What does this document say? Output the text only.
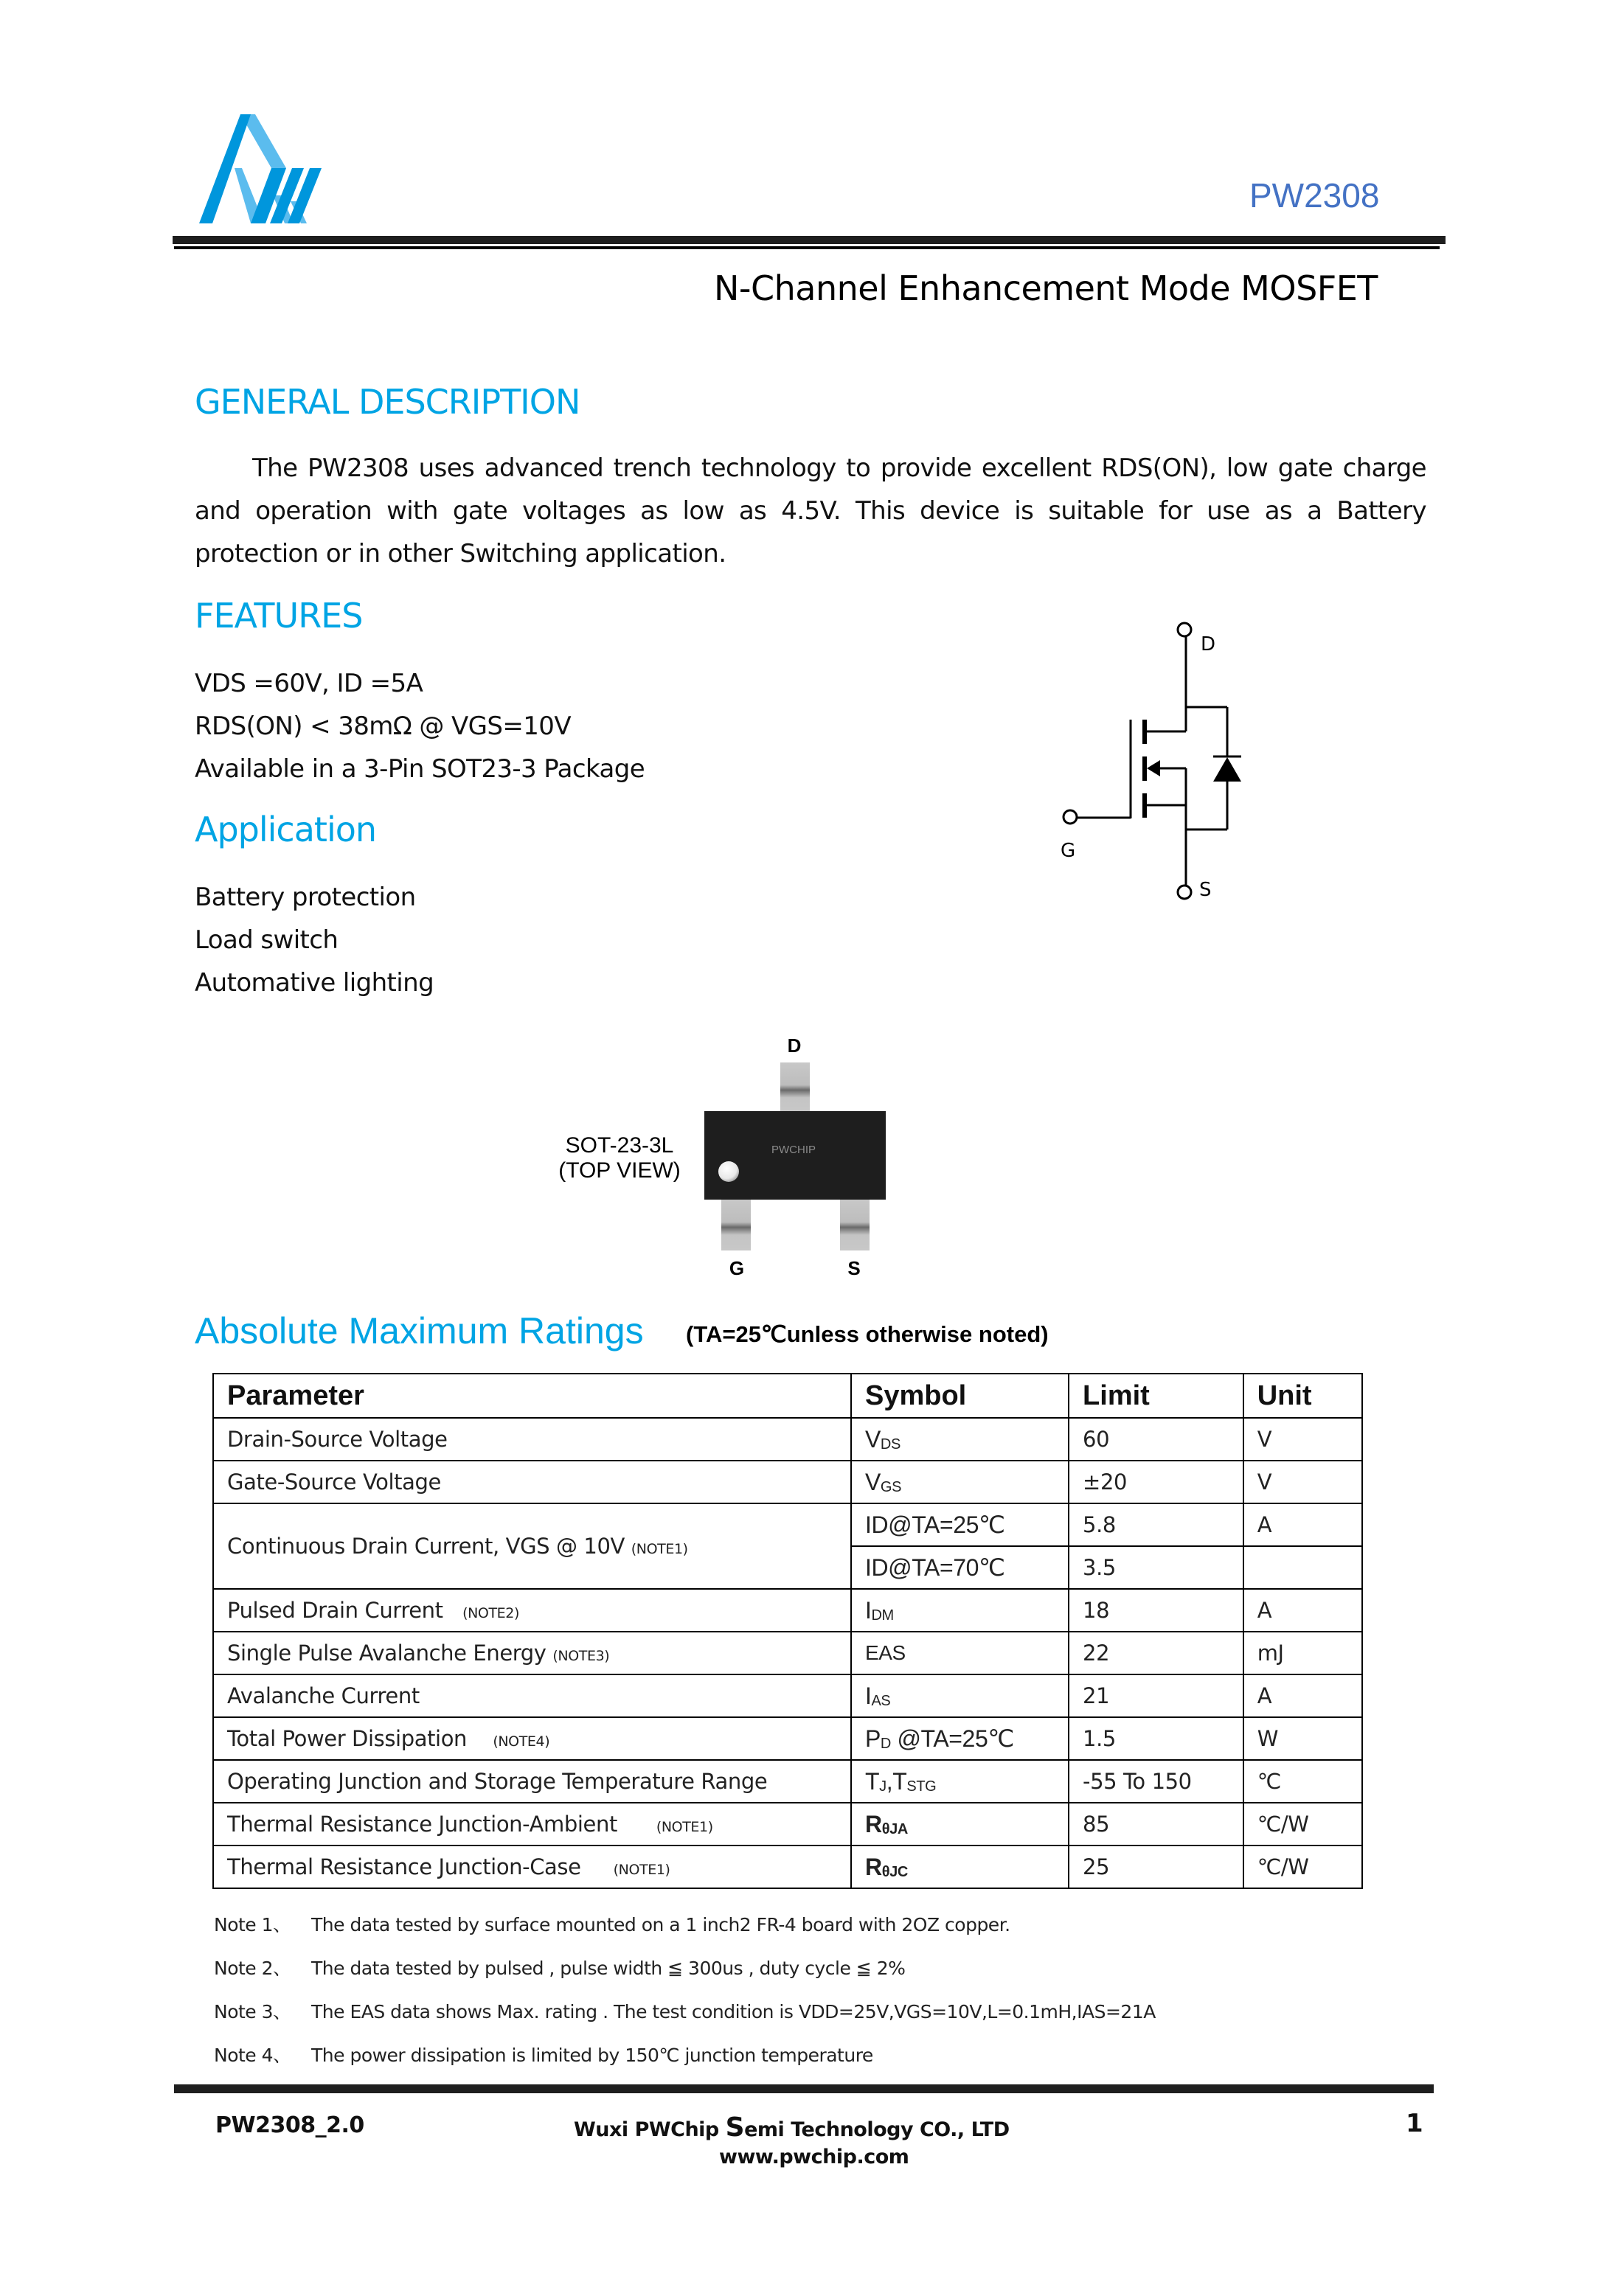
PW2308
N-Channel Enhancement Mode MOSFET
GENERAL DESCRIPTION
The PW2308 uses advanced trench technology to provide excellent RDS(ON), low gate charge and operation with gate voltages as low as 4.5V. This device is suitable for use as a Battery protection or in other Switching application.
FEATURES
VDS =60V, ID =5A
RDS(ON) < 38mΩ @ VGS=10V
Available in a 3-Pin SOT23-3 Package
Application
Battery protection
Load switch
Automative lighting
D
G
S
PWCHIP
D
G	S
SOT-23-3L
(TOP VIEW)
Absolute Maximum Ratings (TA=25℃unless otherwise noted)
Parameter	Symbol	Limit	Unit
Drain-Source Voltage	$V_{DS}$	60	V
Gate-Source Voltage	$V_{GS}$	±20	V
Continuous Drain Current, VGS @ 10V (NOTE1)	ID@TA=25℃	5.8	A
	ID@TA=70℃	3.5	
Pulsed Drain Current (NOTE2)	$I_{DM}$	18	A
Single Pulse Avalanche Energy (NOTE3)	EAS	22	mJ
Avalanche Current	$I_{AS}$	21	A
Total Power Dissipation (NOTE4)	$P_D$ @TA=25℃	1.5	W
Operating Junction and Storage Temperature Range	$T_J,T_{STG}$	-55 To 150	℃
Thermal Resistance Junction-Ambient (NOTE1)	$R_{\theta JA}$	85	℃/W
Thermal Resistance Junction-Case (NOTE1)	$R_{\theta JC}$	25	℃/W
Note 1、 The data tested by surface mounted on a 1 inch2 FR-4 board with 2OZ copper.
Note 2、 The data tested by pulsed , pulse width ≦ 300us , duty cycle ≦ 2%
Note 3、 The EAS data shows Max. rating . The test condition is VDD=25V,VGS=10V,L=0.1mH,IAS=21A
Note 4、 The power dissipation is limited by 150℃ junction temperature
PW2308_2.0	Wuxi PWChip Semi Technology CO., LTD	1
www.pwchip.com
